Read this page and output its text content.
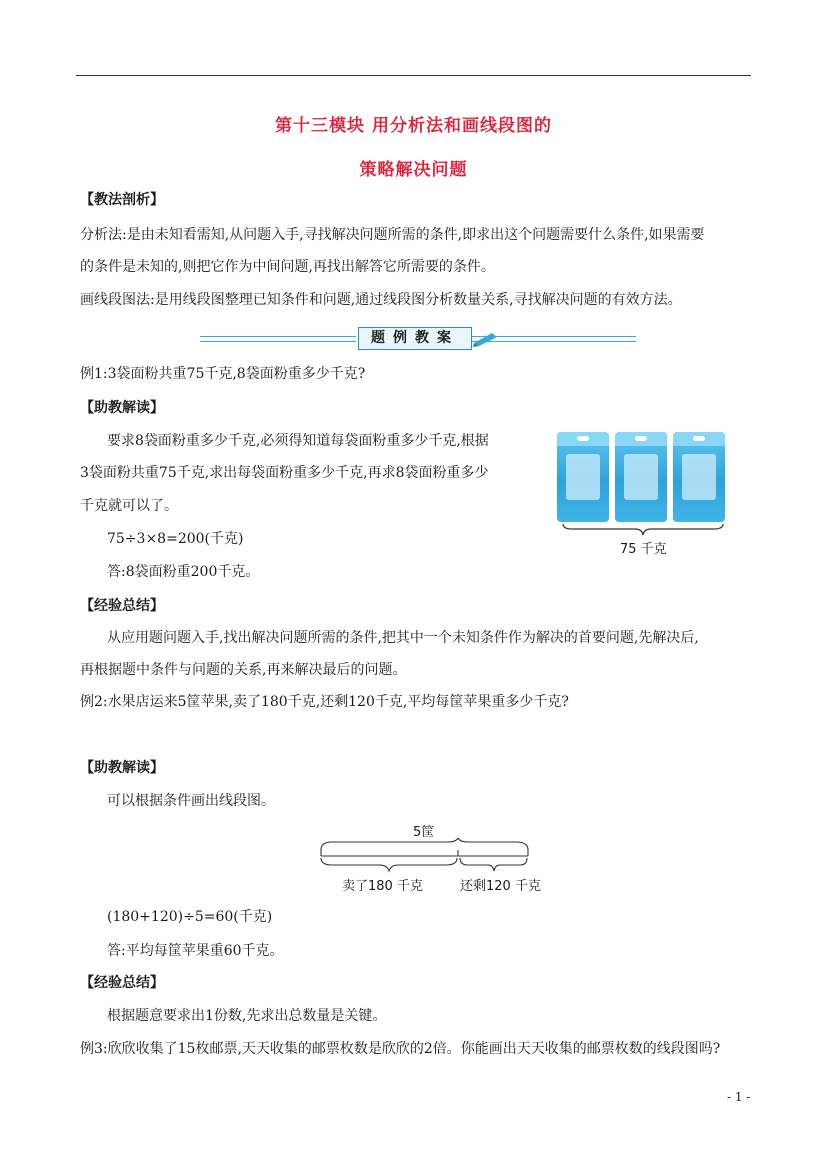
第十三模块 用分析法和画线段图的
策略解决问题
【教法剖析】
分析法:是由未知看需知,从问题入手,寻找解决问题所需的条件,即求出这个问题需要什么条件,如果需要
的条件是未知的,则把它作为中间问题,再找出解答它所需要的条件。
画线段图法:是用线段图整理已知条件和问题,通过线段图分析数量关系,寻找解决问题的有效方法。
题例教案
例1:3袋面粉共重75千克,8袋面粉重多少千克?
【助教解读】
要求8袋面粉重多少千克,必须得知道每袋面粉重多少千克,根据
3袋面粉共重75千克,求出每袋面粉重多少千克,再求8袋面粉重多少
千克就可以了。
75÷3×8=200(千克)
答:8袋面粉重200千克。
75 千克
【经验总结】
从应用题问题入手,找出解决问题所需的条件,把其中一个未知条件作为解决的首要问题,先解决后,
再根据题中条件与问题的关系,再来解决最后的问题。
例2:水果店运来5筐苹果,卖了180千克,还剩120千克,平均每筐苹果重多少千克?
【助教解读】
可以根据条件画出线段图。
5筐
卖了180 千克	还剩120 千克
(180+120)÷5=60(千克)
答:平均每筐苹果重60千克。
【经验总结】
根据题意要求出1份数,先求出总数量是关键。
例3:欣欣收集了15枚邮票,天天收集的邮票枚数是欣欣的2倍。你能画出天天收集的邮票枚数的线段图吗?
- 1 -
